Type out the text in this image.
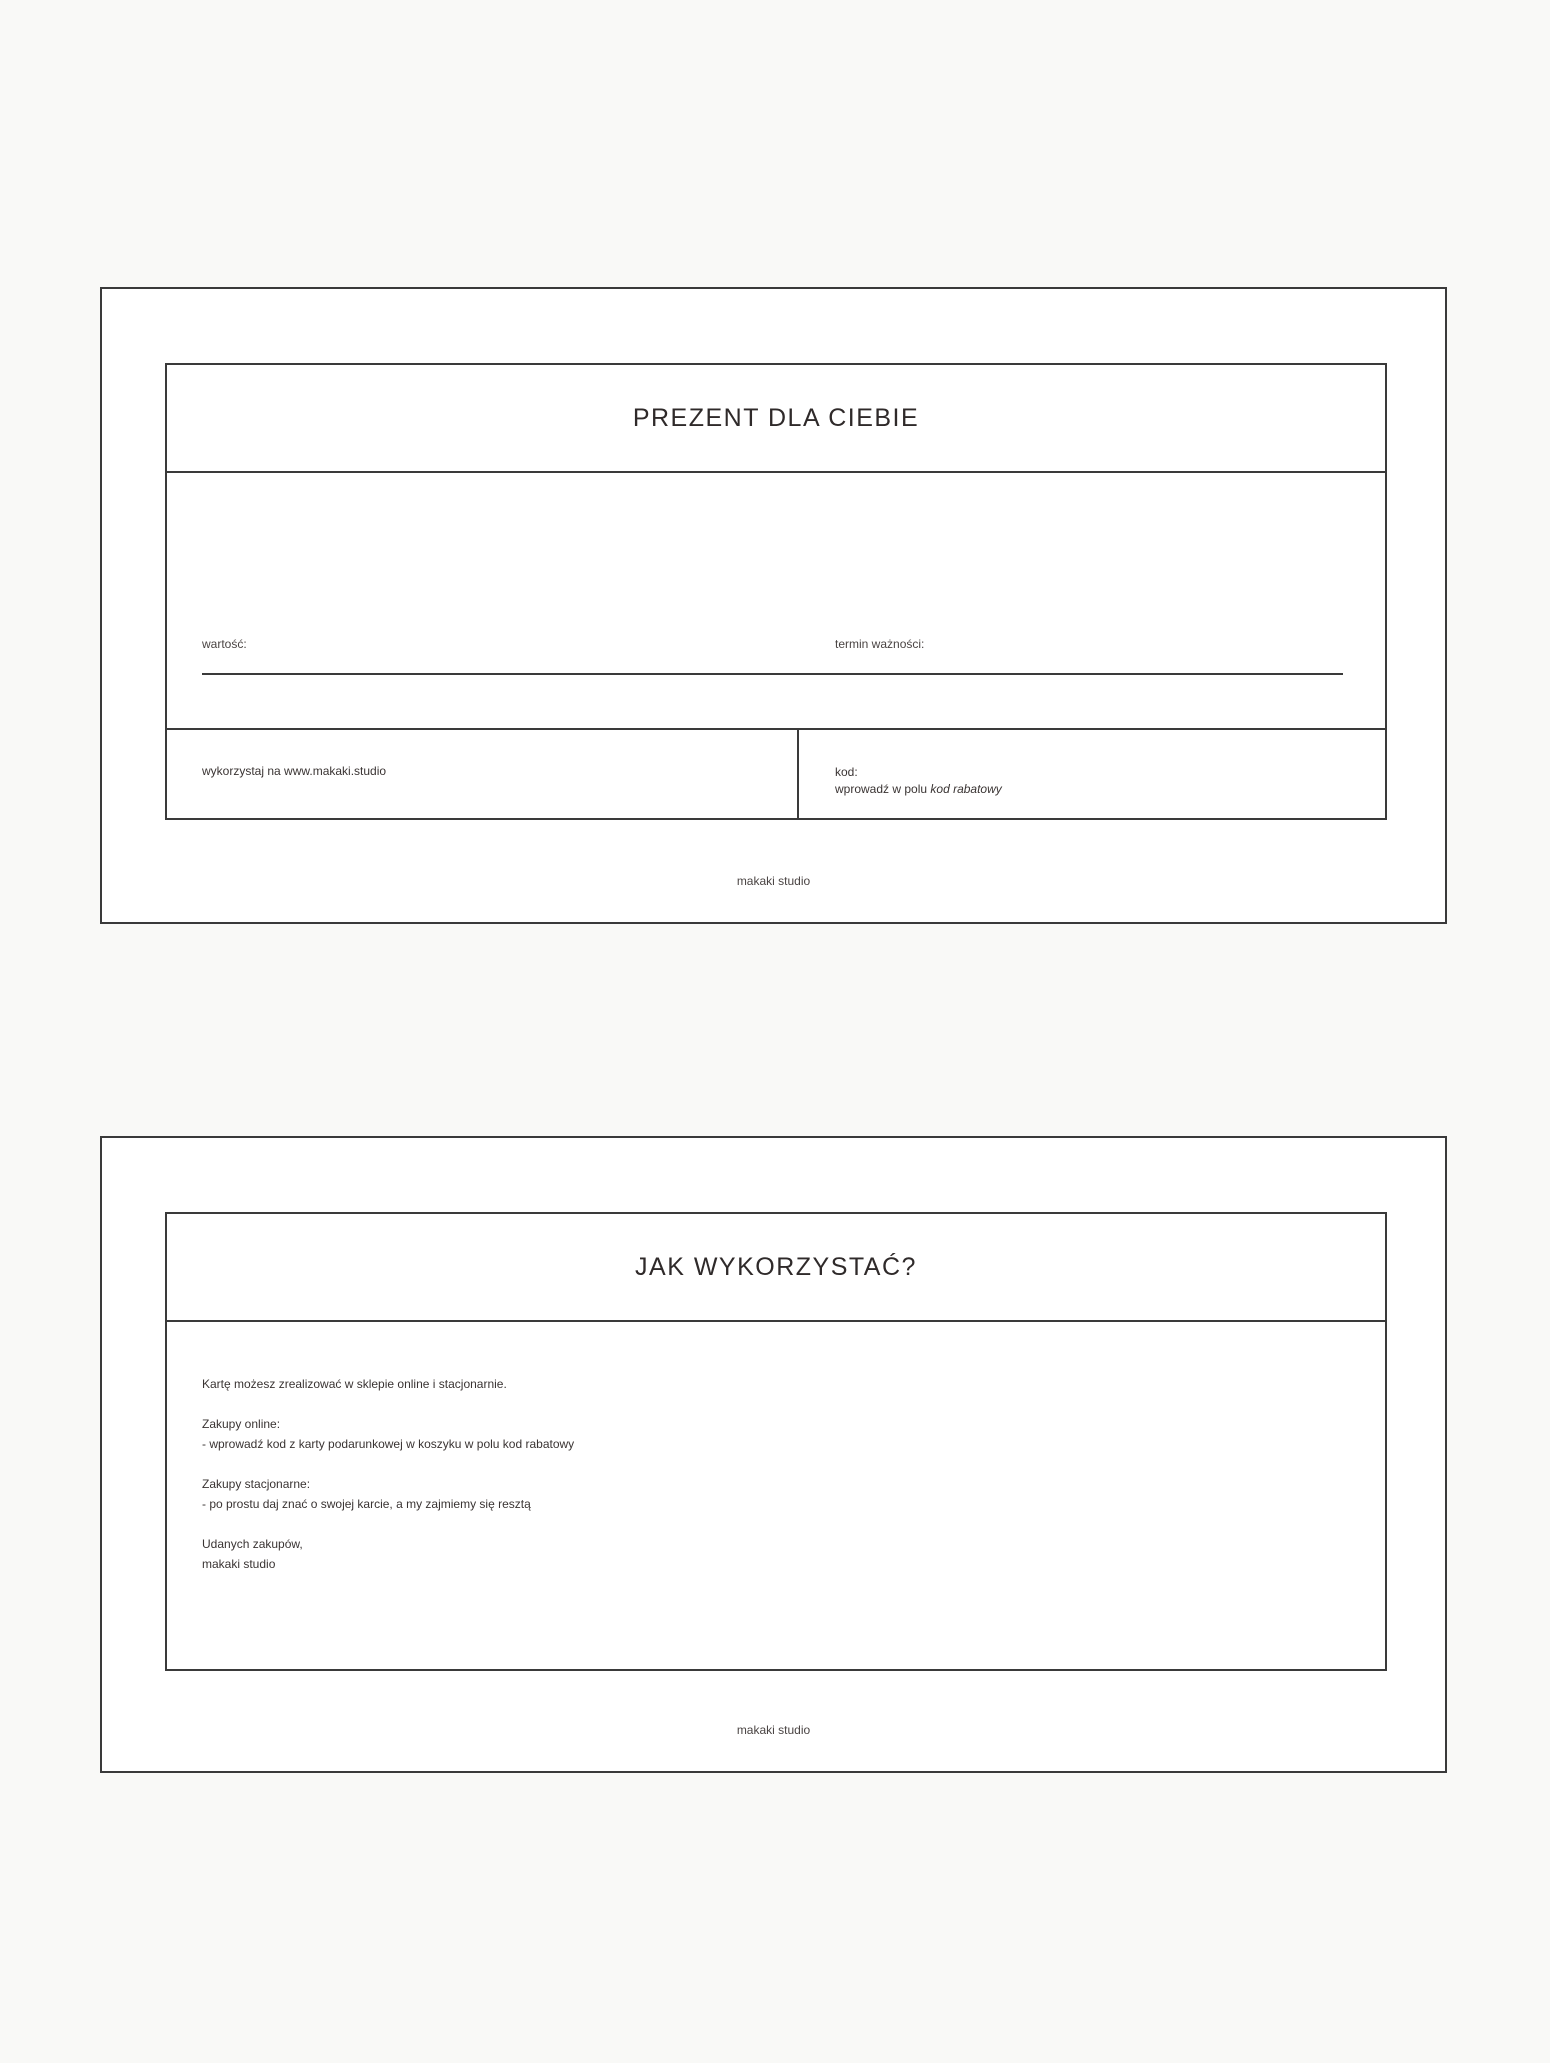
PREZENT DLA CIEBIE
wartość:	termin ważności:
wykorzystaj na www.makaki.studio	kod:
wprowadź w polu kod rabatowy
makaki studio
JAK WYKORZYSTAĆ?

Kartę możesz zrealizować w sklepie online i stacjonarnie.

Zakupy online:
- wprowadź kod z karty podarunkowej w koszyku w polu kod rabatowy

Zakupy stacjonarne:
- po prostu daj znać o swojej karcie, a my zajmiemy się resztą

Udanych zakupów,
makaki studio

makaki studio
